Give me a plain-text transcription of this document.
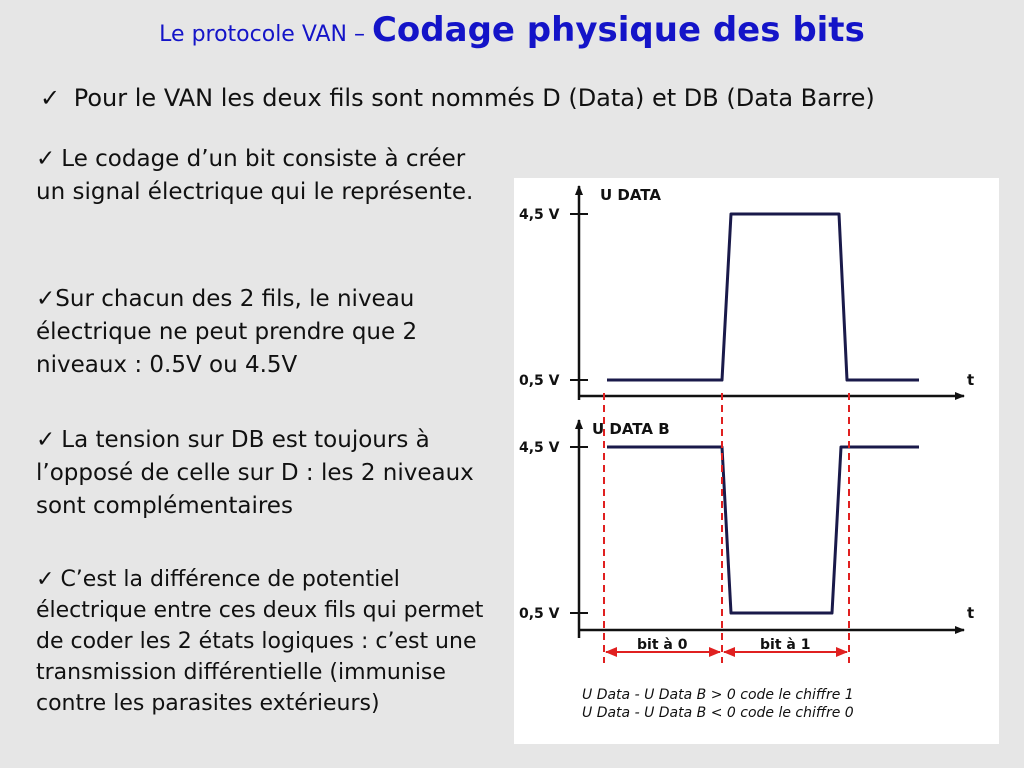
Le protocole VAN – Codage physique des bits
✓ Pour le VAN les deux fils sont nommés D (Data) et DB (Data Barre)
✓ Le codage d’un bit consiste à créer un signal électrique qui le représente.
✓Sur chacun des 2 fils, le niveau électrique ne peut prendre que 2 niveaux : 0.5V ou 4.5V
✓ La tension sur DB est toujours à l’opposé de celle sur D : les 2 niveaux sont complémentaires
✓ C’est la différence de potentiel électrique entre ces deux fils qui permet de coder les 2 états logiques : c’est une transmission différentielle (immunise contre les parasites extérieurs)
U DATA
4,5 V
0,5 V	t
U DATA B
4,5 V
0,5 V	t
bit à 0	bit à 1
U Data - U Data B > 0 code le chiffre 1
U Data - U Data B < 0 code le chiffre 0
